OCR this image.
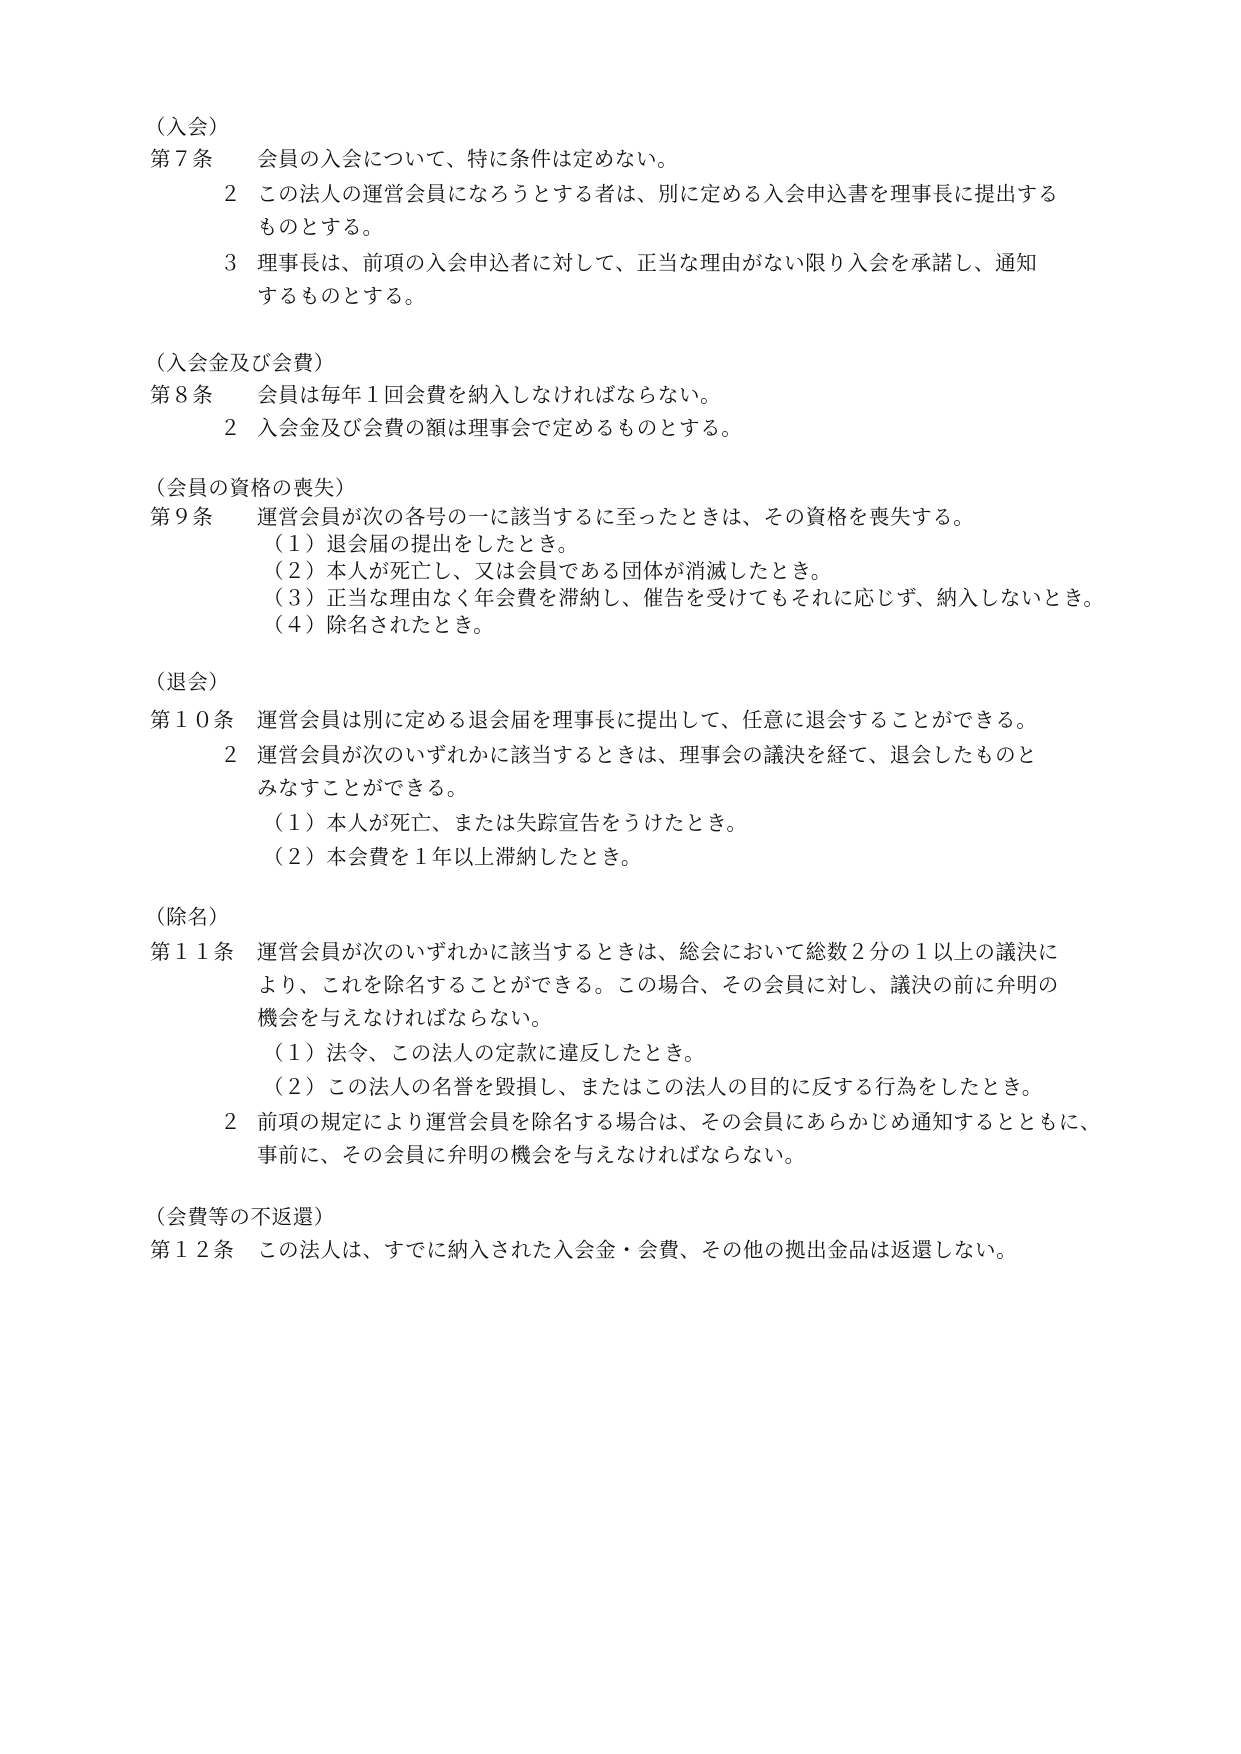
（入会）
第７条 会員の入会について、特に条件は定めない。
２ この法人の運営会員になろうとする者は、別に定める入会申込書を理事長に提出する
ものとする。
３ 理事長は、前項の入会申込者に対して、正当な理由がない限り入会を承諾し、通知
するものとする。
（入会金及び会費）
第８条 会員は毎年１回会費を納入しなければならない。
２ 入会金及び会費の額は理事会で定めるものとする。
（会員の資格の喪失）
第９条 運営会員が次の各号の一に該当するに至ったときは、その資格を喪失する。
（１）退会届の提出をしたとき。
（２）本人が死亡し、又は会員である団体が消滅したとき。
（３）正当な理由なく年会費を滞納し、催告を受けてもそれに応じず、納入しないとき。
（４）除名されたとき。
（退会）
第１０条 運営会員は別に定める退会届を理事長に提出して、任意に退会することができる。
２ 運営会員が次のいずれかに該当するときは、理事会の議決を経て、退会したものと
みなすことができる。
（１）本人が死亡、または失踪宣告をうけたとき。
（２）本会費を１年以上滞納したとき。
（除名）
第１１条 運営会員が次のいずれかに該当するときは、総会において総数２分の１以上の議決に
より、これを除名することができる。この場合、その会員に対し、議決の前に弁明の
機会を与えなければならない。
（１）法令、この法人の定款に違反したとき。
（２）この法人の名誉を毀損し、またはこの法人の目的に反する行為をしたとき。
２ 前項の規定により運営会員を除名する場合は、その会員にあらかじめ通知するとともに、
事前に、その会員に弁明の機会を与えなければならない。
（会費等の不返還）
第１２条 この法人は、すでに納入された入会金・会費、その他の拠出金品は返還しない。
